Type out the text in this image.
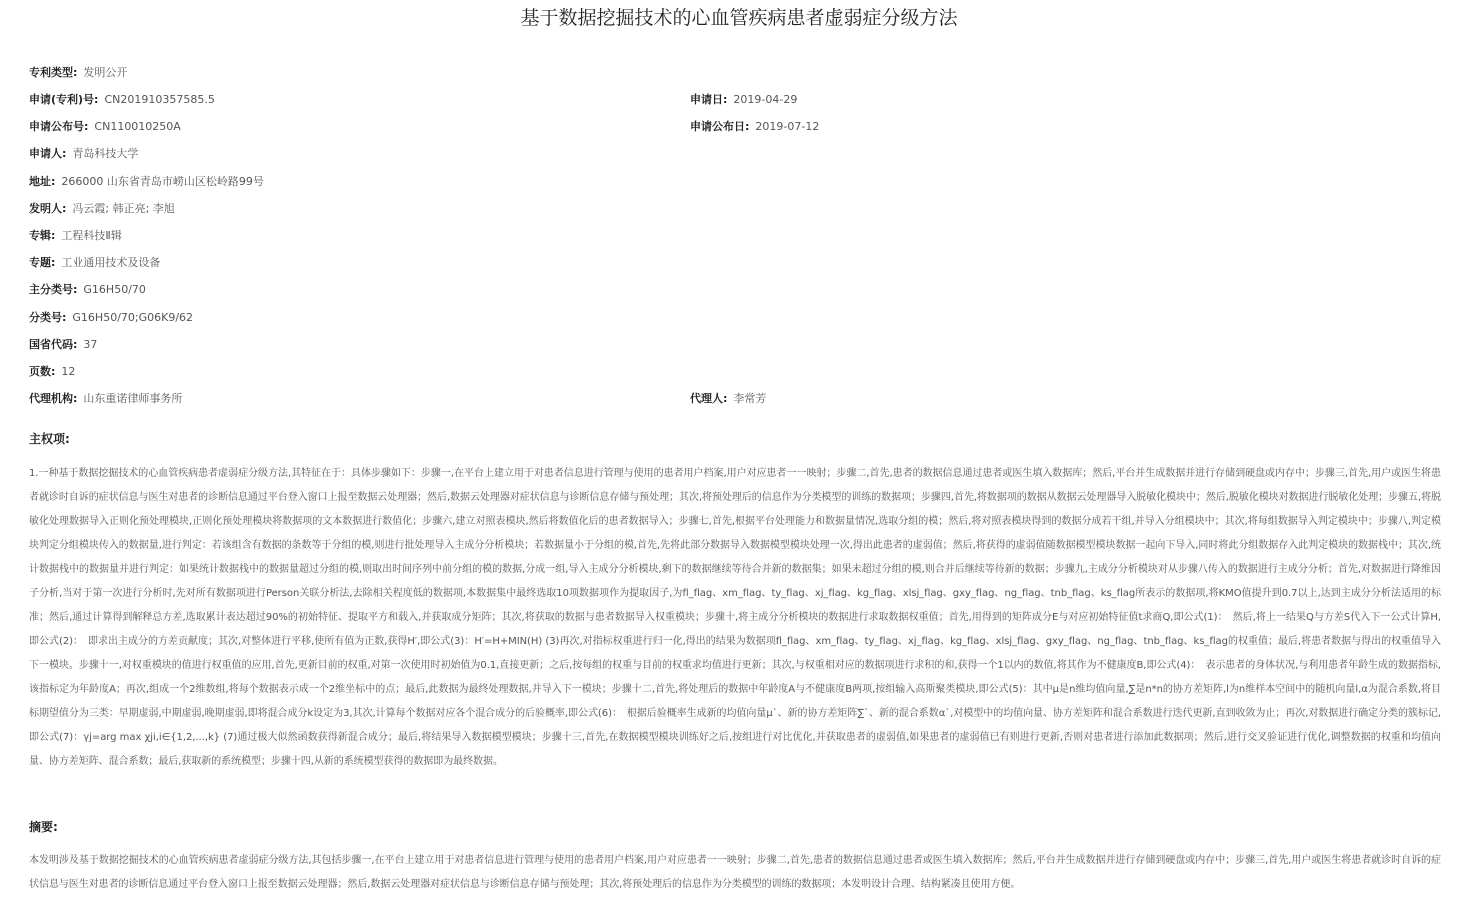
基于数据挖掘技术的心血管疾病患者虚弱症分级方法
专利类型: 发明公开
申请(专利)号: CN201910357585.5	申请日: 2019-04-29
申请公布号: CN110010250A	申请公布日: 2019-07-12
申请人: 青岛科技大学
地址: 266000 山东省青岛市崂山区松岭路99号
发明人: 冯云霞; 韩正亮; 李旭
专辑: 工程科技Ⅱ辑
专题: 工业通用技术及设备
主分类号: G16H50/70
分类号: G16H50/70;G06K9/62
国省代码: 37
页数: 12
代理机构: 山东重诺律师事务所	代理人: 李常芳
主权项:
1.一种基于数据挖掘技术的心血管疾病患者虚弱症分级方法,其特征在于：具体步骤如下：步骤一,在平台上建立用于对患者信息进行管理与使用的患者用户档案,用户对应患者一一映射；步骤二,首先,患者的数据信息通过患者或医生填入数据库；然后,平台并生成数据并进行存储到硬盘或内存中；步骤三,首先,用户或医生将患者就诊时自诉的症状信息与医生对患者的诊断信息通过平台登入窗口上报至数据云处理器；然后,数据云处理器对症状信息与诊断信息存储与预处理；其次,将预处理后的信息作为分类模型的训练的数据项；步骤四,首先,将数据项的数据从数据云处理器导入脱敏化模块中；然后,脱敏化模块对数据进行脱敏化处理；步骤五,将脱敏化处理数据导入正则化预处理模块,正则化预处理模块将数据项的文本数据进行数值化；步骤六,建立对照表模块,然后将数值化后的患者数据导入；步骤七,首先,根据平台处理能力和数据量情况,选取分组的模；然后,将对照表模块得到的数据分成若干组,并导入分组模块中；其次,将每组数据导入判定模块中；步骤八,判定模块判定分组模块传入的数据量,进行判定：若该组含有数据的条数等于分组的模,则进行批处理导入主成分分析模块；若数据量小于分组的模,首先,先将此部分数据导入数据模型模块处理一次,得出此患者的虚弱值；然后,将获得的虚弱值随数据模型模块数据一起向下导入,同时将此分组数据存入此判定模块的数据栈中；其次,统计数据栈中的数据量并进行判定：如果统计数据栈中的数据量超过分组的模,则取出时间序列中前分组的模的数据,分成一组,导入主成分分析模块,剩下的数据继续等待合并新的数据集；如果未超过分组的模,则合并后继续等待新的数据；步骤九,主成分分析模块对从步骤八传入的数据进行主成分分析；首先,对数据进行降维因子分析,当对于第一次进行分析时,先对所有数据项进行Person关联分析法,去除相关程度低的数据项,本数据集中最终选取10项数据项作为提取因子,为fl_flag、xm_flag、ty_flag、xj_flag、kg_flag、xlsj_flag、gxy_flag、ng_flag、tnb_flag、ks_flag所表示的数据项,将KMO值提升到0.7以上,达到主成分分析法适用的标准；然后,通过计算得到解释总方差,选取累计表达超过90%的初始特征、提取平方和载入,并获取成分矩阵；其次,将获取的数据与患者数据导入权重模块；步骤十,将主成分分析模块的数据进行求取数据权重值；首先,用得到的矩阵成分E与对应初始特征值t求商Q,即公式(1)：　然后,将上一结果Q与方差S代入下一公式计算H,即公式(2)：　即求出主成分的方差贡献度；其次,对整体进行平移,使所有值为正数,获得H′,即公式(3)：H′=H+MIN(H) (3)再次,对指标权重进行归一化,得出的结果为数据项fl_flag、xm_flag、ty_flag、xj_flag、kg_flag、xlsj_flag、gxy_flag、ng_flag、tnb_flag、ks_flag的权重值；最后,将患者数据与得出的权重值导入下一模块。步骤十一,对权重模块的值进行权重值的应用,首先,更新目前的权重,对第一次使用时初始值为0.1,直接更新；之后,按每组的权重与目前的权重求均值进行更新；其次,与权重相对应的数据项进行求积的和,获得一个1以内的数值,将其作为不健康度B,即公式(4)：　表示患者的身体状况,与利用患者年龄生成的数据指标,该指标定为年龄度A；再次,组成一个2维数组,将每个数据表示成一个2维坐标中的点；最后,此数据为最终处理数据,并导入下一模块；步骤十二,首先,将处理后的数据中年龄度A与不健康度B两项,按组输入高斯聚类模块,即公式(5)：其中μ是n维均值向量,∑是n*n的协方差矩阵,l为n维样本空间中的随机向量l,α为混合系数,将目标期望值分为三类：早期虚弱,中期虚弱,晚期虚弱,即将混合成分k设定为3,其次,计算每个数据对应各个混合成分的后验概率,即公式(6)：　根据后验概率生成新的均值向量μ`、新的协方差矩阵∑`、新的混合系数α`,对模型中的均值向量、协方差矩阵和混合系数进行迭代更新,直到收敛为止；再次,对数据进行确定分类的簇标记,即公式(7)：γj=arg max χji,i∈{1,2,...,k} (7)通过极大似然函数获得新混合成分；最后,将结果导入数据模型模块；步骤十三,首先,在数据模型模块训练好之后,按组进行对比优化,并获取患者的虚弱值,如果患者的虚弱值已有则进行更新,否则对患者进行添加此数据项；然后,进行交叉验证进行优化,调整数据的权重和均值向量、协方差矩阵、混合系数；最后,获取新的系统模型；步骤十四,从新的系统模型获得的数据即为最终数据。
摘要:
本发明涉及基于数据挖掘技术的心血管疾病患者虚弱症分级方法,其包括步骤一,在平台上建立用于对患者信息进行管理与使用的患者用户档案,用户对应患者一一映射；步骤二,首先,患者的数据信息通过患者或医生填入数据库；然后,平台并生成数据并进行存储到硬盘或内存中；步骤三,首先,用户或医生将患者就诊时自诉的症状信息与医生对患者的诊断信息通过平台登入窗口上报至数据云处理器；然后,数据云处理器对症状信息与诊断信息存储与预处理；其次,将预处理后的信息作为分类模型的训练的数据项；本发明设计合理、结构紧凑且使用方便。
